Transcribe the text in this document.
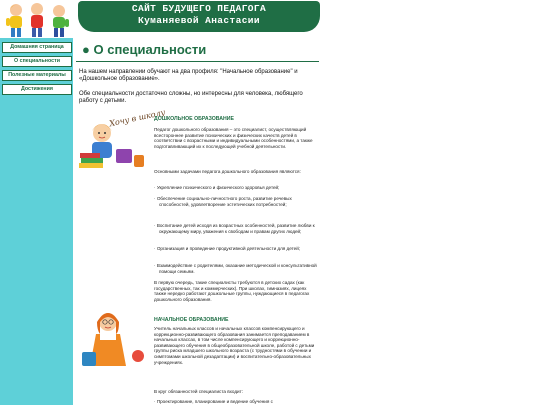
САЙТ БУДУЩЕГО ПЕДАГОГА
Куманяевой Анастасии
Домашняя страница
О специальности
Полезные материалы
Достижения
● О специальности
На нашем направлении обучают на два профиля: "Начальное образование" и «Дошкольное образование».
Обе специальности достаточно сложны, но интересны для человека, любящего работу с детьми.
Хочу в школу
ДОШКОЛЬНОЕ ОБРАЗОВАНИЕ
Педагог дошкольного образования – это специалист, осуществляющий всестороннее развитие психических и физических качеств детей в соответствии с возрастными и индивидуальными особенностями, а также подготавливающий их к последующей учебной деятельности.
Основными задачами педагога дошкольного образования являются:
· Укрепление психического и физического здоровья детей;
· Обеспечение социально-личностного роста, развитие речевых способностей, удовлетворение эстетических потребностей;
· Воспитание детей исходя из возрастных особенностей, развитие любви к окружающему миру, уважения к свободам и правам других людей;
· Организация и проведение продуктивной деятельности для детей;
· Взаимодействие с родителями, оказание методической и консультативной помощи семьям.
В первую очередь, такие специалисты требуются в детских садах (как государственных, так и коммерческих). При школах, гимназиях, лицеях также нередко работают дошкольные группы, нуждающиеся в педагогах дошкольного образования.
НАЧАЛЬНОЕ ОБРАЗОВАНИЕ
Учитель начальных классов и начальных классов компенсирующего и коррекционно-развивающего образования занимается преподаванием в начальных классах, в том числе компенсирующего и коррекционно-развивающего обучения в общеобразовательной школе, работой с детьми группы риска младшего школьного возраста (с трудностями в обучении и симптомами школьной дезадаптации) и воспитательно-образовательных учреждениях.
В круг обязанностей специалиста входит:
· Проектирование, планирование и ведение обучения с
